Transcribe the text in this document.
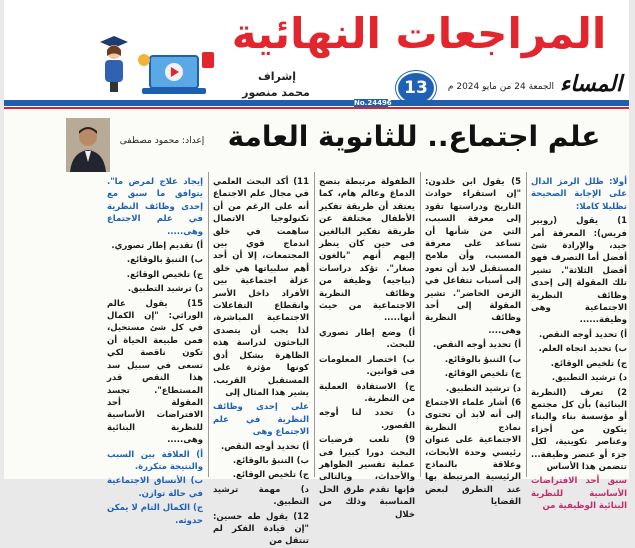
المراجعات النهائية
إشراف
محمد منصور	13	الجمعة 24 من مايو 2024 م المساء
No.24496
إعداد: محمود مصطفى علم اجتماع.. للثانوية العامة

أولا: ظلل الرمز الدال على الإجابة الصحيحة تظليلا كاملا:

1) يقول (روبير فريس): المعرفة أمر جيد، والإرادة شئ أفضل أما التصرف فهو أفضل الثلاثة". تشير تلك المقولة إلى إحدى وظائف النظرية الاجتماعية وهى وظيفة......

أ) تحديد أوجه النقص.

ب) تحديد اتجاه العلم.

ج) تلخيص الوقائع.

د) ترشيد التطبيق.

2) تعرف (النظرية البنائية) بأن كل مجتمع أو مؤسسة بناء والبناء يتكون من أجزاء وعناصر تكوينية، لكل جزء أو عنصر وظيفة... تتضمن هذا الأساس

سبق أحد الافتراضات الأساسية للنظرية البنائية الوظيفية من

5) يقول ابن خلدون: "إن استقراء حوادث التاريخ ودراستها تقود إلى معرفة السبب، التي من شأنها أن تساعد على معرفة المسبب، وأن ملامح المستقبل لابد أن تعود إلى أسباب تتفاعل في الزمن الحاضر". تشير المقولة إلى أحد وظائف النظرية وهى....

أ) تحديد أوجه النقص.

ب) التنبؤ بالوقائع.

ج) تلخيص الوقائع.

د) ترشيد التطبيق.

6) أشار علماء الاجتماع إلى أنه لابد أن تحتوى نماذج النظرية الاجتماعية على عنوان رئيسي وحدة الأبحاث، وعلاقة بالنماذج الرئيسية المرتبطة بها عند التطرق لبعض القضايا

الطفولة مرتبطة بتضج الدماغ وعالم هام، كما يعتقد أن طريقة تفكير الأطفال مختلفة عن طريقة تفكير البالغين فى حين كان ينظر إليهم أنهم "بالغون صغار". تؤكد دراسات (بياجيه) وظيفة من وظائف النظرية الاجتماعية من حيث أنها.....

أ) وضع إطار تصوري للبحث.

ب) اختصار المعلومات فى قوانين.

ج) الاستفادة العملية من النظرية.

د) تحدد لنا أوجه القصور.

9) تلعب فرضيات البحث دورا كبيرا فى عملية تفسير الظواهر والأحداث، وبالتالى فإنها تقدم طرق الحل المناسبة وذلك من خلال

11) أكد البحث العلمي في مجال علم الاجتماع أنه على الرغم من أن تكنولوجيا الاتصال ساهمت في خلق اندماج قوي بين المجتمعات، إلا أن أحد أهم سلبياتها هي خلق عزلة اجتماعية بين الأفراد داخل الأسر وانقطاع التفاعلات الاجتماعية المباشرة، لذا يجب أن يتصدى الباحثون لدراسة هذه الظاهرة بشكل أدق كونها مؤثرة على المستقبل القريب. يشير هذا المثال إلى

على إحدى وظائف النظرية في علم الاجتماع وهى

أ) تحديد أوجه النقص.

ب) التنبؤ بالوقائع.

ج) تلخيص الوقائع.

د) مهمة ترشيد التطبيق.

12) يقول طه حسين: "إن قيادة الفكر لم تنتقل من

إيجاد علاج لمرض ما". يتوافق ما سبق مع إحدى وظائف النظرية في علم الاجتماع وهى.....

أ) تقديم إطار تصوري.

ب) التنبؤ بالوقائع.

ج) تلخيص الوقائع.

د) ترشيد التطبيق.

15) يقول عالم الوراثي: "إن الكمال في كل شئ مستحيل، فمن طبيعة الحياة أن تكون ناقصة لكي تسعى في سبيل سد هذا النقص قدر المستطاع". تجسد المقولة أحد الافتراضات الأساسية للنظرية البنائية وهى.....

أ) العلاقة بين السبب والنتيجة متكررة.

ب) الأنساق الاجتماعية في حالة توازن.

ج) الكمال التام لا يمكن حدوثه.
